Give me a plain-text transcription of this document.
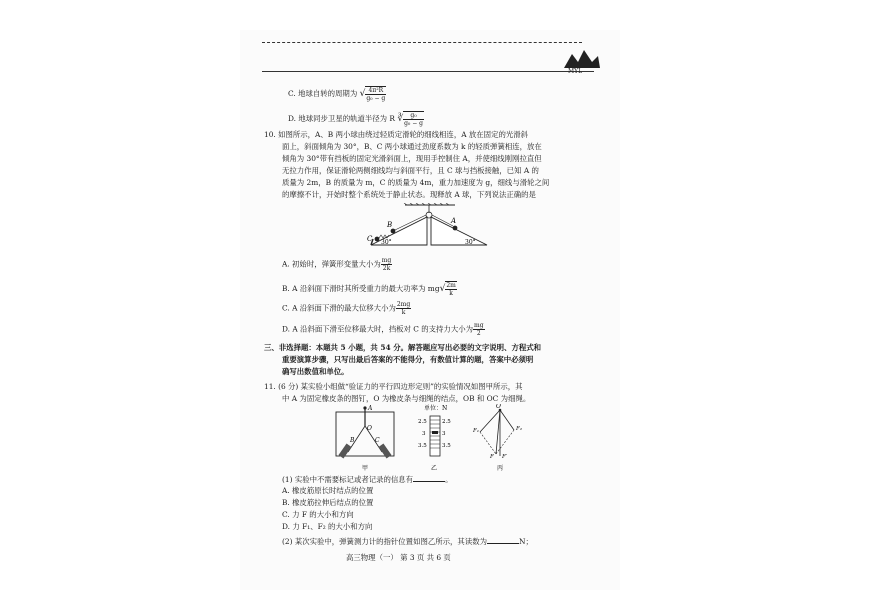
MYL
C. 地球自转的周期为 √ $\frac{\text{4π²R}}{\text{g₀ − g}}$
D. 地球同步卫星的轨道半径为 R ∛ $\frac{\text{g₀}}{\text{g₀ − g}}$
10. 如图所示，A、B 两小球由绕过轻质定滑轮的细线相连，A 放在固定的光滑斜
面上，斜面倾角为 30°，B、C 两小球通过劲度系数为 k 的轻质弹簧相连，放在
倾角为 30°带有挡板的固定光滑斜面上，现用手控制住 A，并使细线刚刚拉直但
无拉力作用，保证滑轮两侧细线均与斜面平行，且 C 球与挡板接触，已知 A 的
质量为 2m，B 的质量为 m，C 的质量为 4m，重力加速度为 g，细线与滑轮之间
的摩擦不计，开始时整个系统处于静止状态。现释放 A 球，下列说法正确的是
C
B	A
30°	30°
A. 初始时，弹簧形变量大小为 $\frac{mg}{2k}$
B. A 沿斜面下滑时其所受重力的最大功率为 $mg√ \frac{2m}{k}$
C. A 沿斜面下滑的最大位移大小为 $\frac{2mg}{k}$
D. A 沿斜面下滑至位移最大时，挡板对 C 的支持力大小为 $\frac{mg}{2}$
三、非选择题：本题共 5 小题，共 54 分。解答题应写出必要的文字说明、方程式和
重要演算步骤，只写出最后答案的不能得分，有数值计算的题，答案中必须明
确写出数值和单位。
11. (6 分) 某实验小组做“验证力的平行四边形定则”的实验情况如图甲所示，其
中 A 为固定橡皮条的图钉，O 为橡皮条与细绳的结点，OB 和 OC 为细绳。
A
O
B	C
甲
单位：N
2.5
3
3.5
2.5
3
3.5
乙
O
F₁	F₂
F F′
丙
(1) 实验中不需要标记或者记录的信息有	。
A. 橡皮筋原长时结点的位置
B. 橡皮筋拉伸后结点的位置
C. 力 F 的大小和方向
D. 力 F₁、F₂ 的大小和方向
(2) 某次实验中，弹簧测力计的指针位置如图乙所示，其读数为	N；
高三物理（一） 第 3 页 共 6 页
